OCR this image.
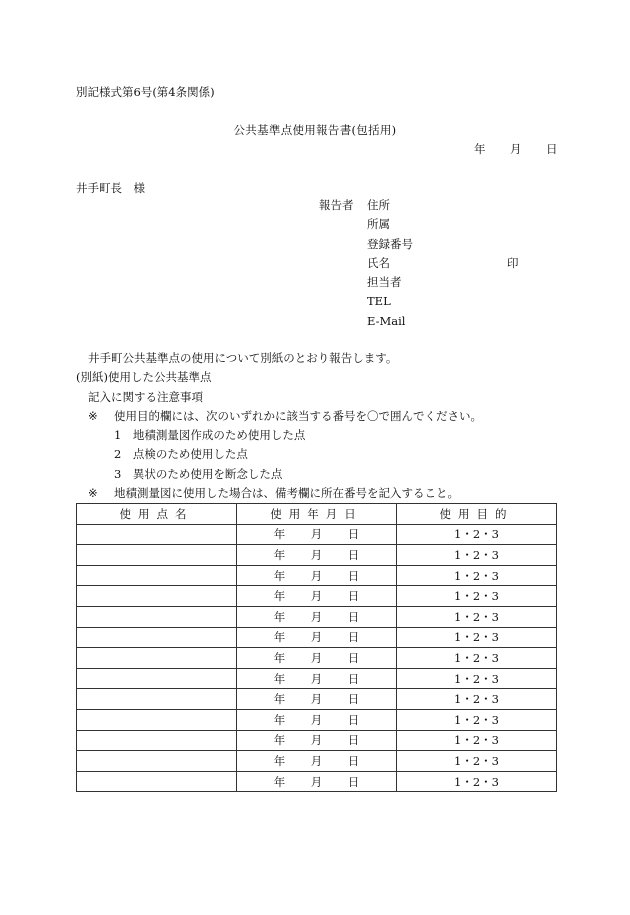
別記様式第6号(第4条関係)
公共基準点使用報告書(包括用)
年 月 日
井手町長　様
報告者 住所
所属
登録番号
氏名	印
担当者
TEL
E-Mail
井手町公共基準点の使用について別紙のとおり報告します。
(別紙)使用した公共基準点
記入に関する注意事項
※ 使用目的欄には、次のいずれかに該当する番号を〇で囲んでください。
1　地積測量図作成のため使用した点
2　点検のため使用した点
3　異状のため使用を断念した点
※ 地積測量図に使用した場合は、備考欄に所在番号を記入すること。
使用点名	使用年月日	使用目的
	年 月 日	1・2・3
	年 月 日	1・2・3
	年 月 日	1・2・3
	年 月 日	1・2・3
	年 月 日	1・2・3
	年 月 日	1・2・3
	年 月 日	1・2・3
	年 月 日	1・2・3
	年 月 日	1・2・3
	年 月 日	1・2・3
	年 月 日	1・2・3
	年 月 日	1・2・3
	年 月 日	1・2・3
